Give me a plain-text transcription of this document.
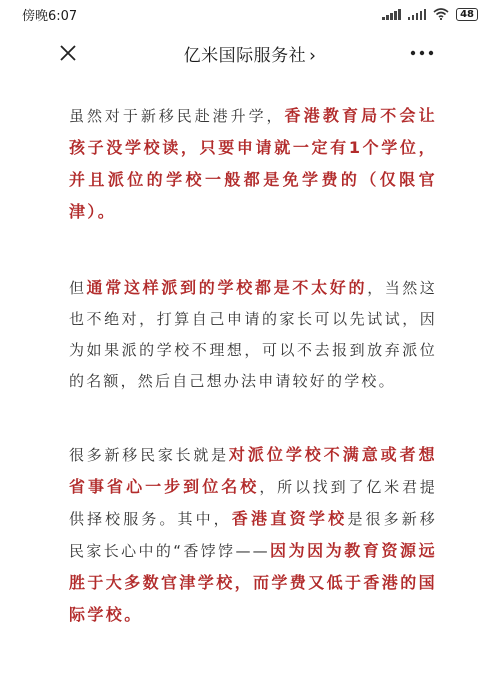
傍晚6:07	48
亿米国际服务社 ›

虽然对于新移民赴港升学，香港教育局不会让孩子没学校读，只要申请就一定有1个学位，并且派位的学校一般都是免学费的（仅限官津）。

但通常这样派到的学校都是不太好的，当然这也不绝对，打算自己申请的家长可以先试试，因为如果派的学校不理想，可以不去报到放弃派位的名额，然后自己想办法申请较好的学校。

很多新移民家长就是对派位学校不满意或者想省事省心一步到位名校，所以找到了亿米君提供择校服务。其中，香港直资学校是很多新移民家长心中的“香饽饽——因为因为教育资源远胜于大多数官津学校，而学费又低于香港的国际学校。
